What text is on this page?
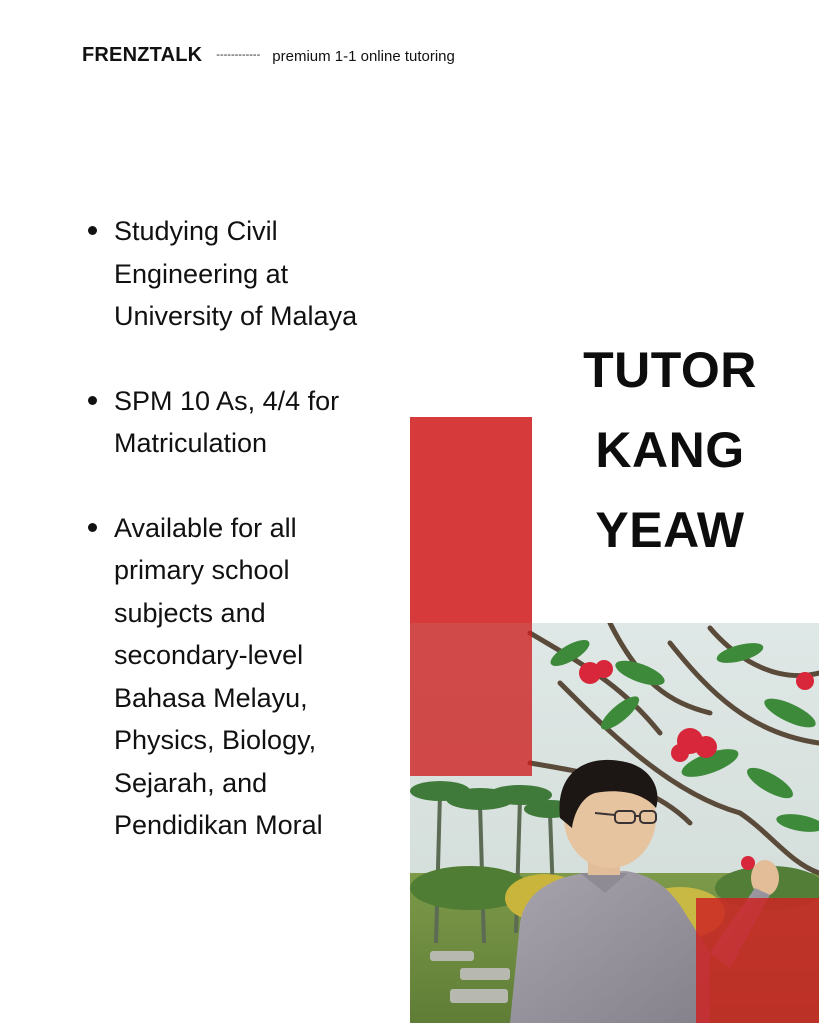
FRENZTALK ------------ premium 1-1 online tutoring
Studying Civil Engineering at University of Malaya
SPM 10 As, 4/4 for Matriculation
Available for all primary school subjects and secondary-level Bahasa Melayu, Physics, Biology, Sejarah, and Pendidikan Moral
TUTOR
KANG
YEAW
